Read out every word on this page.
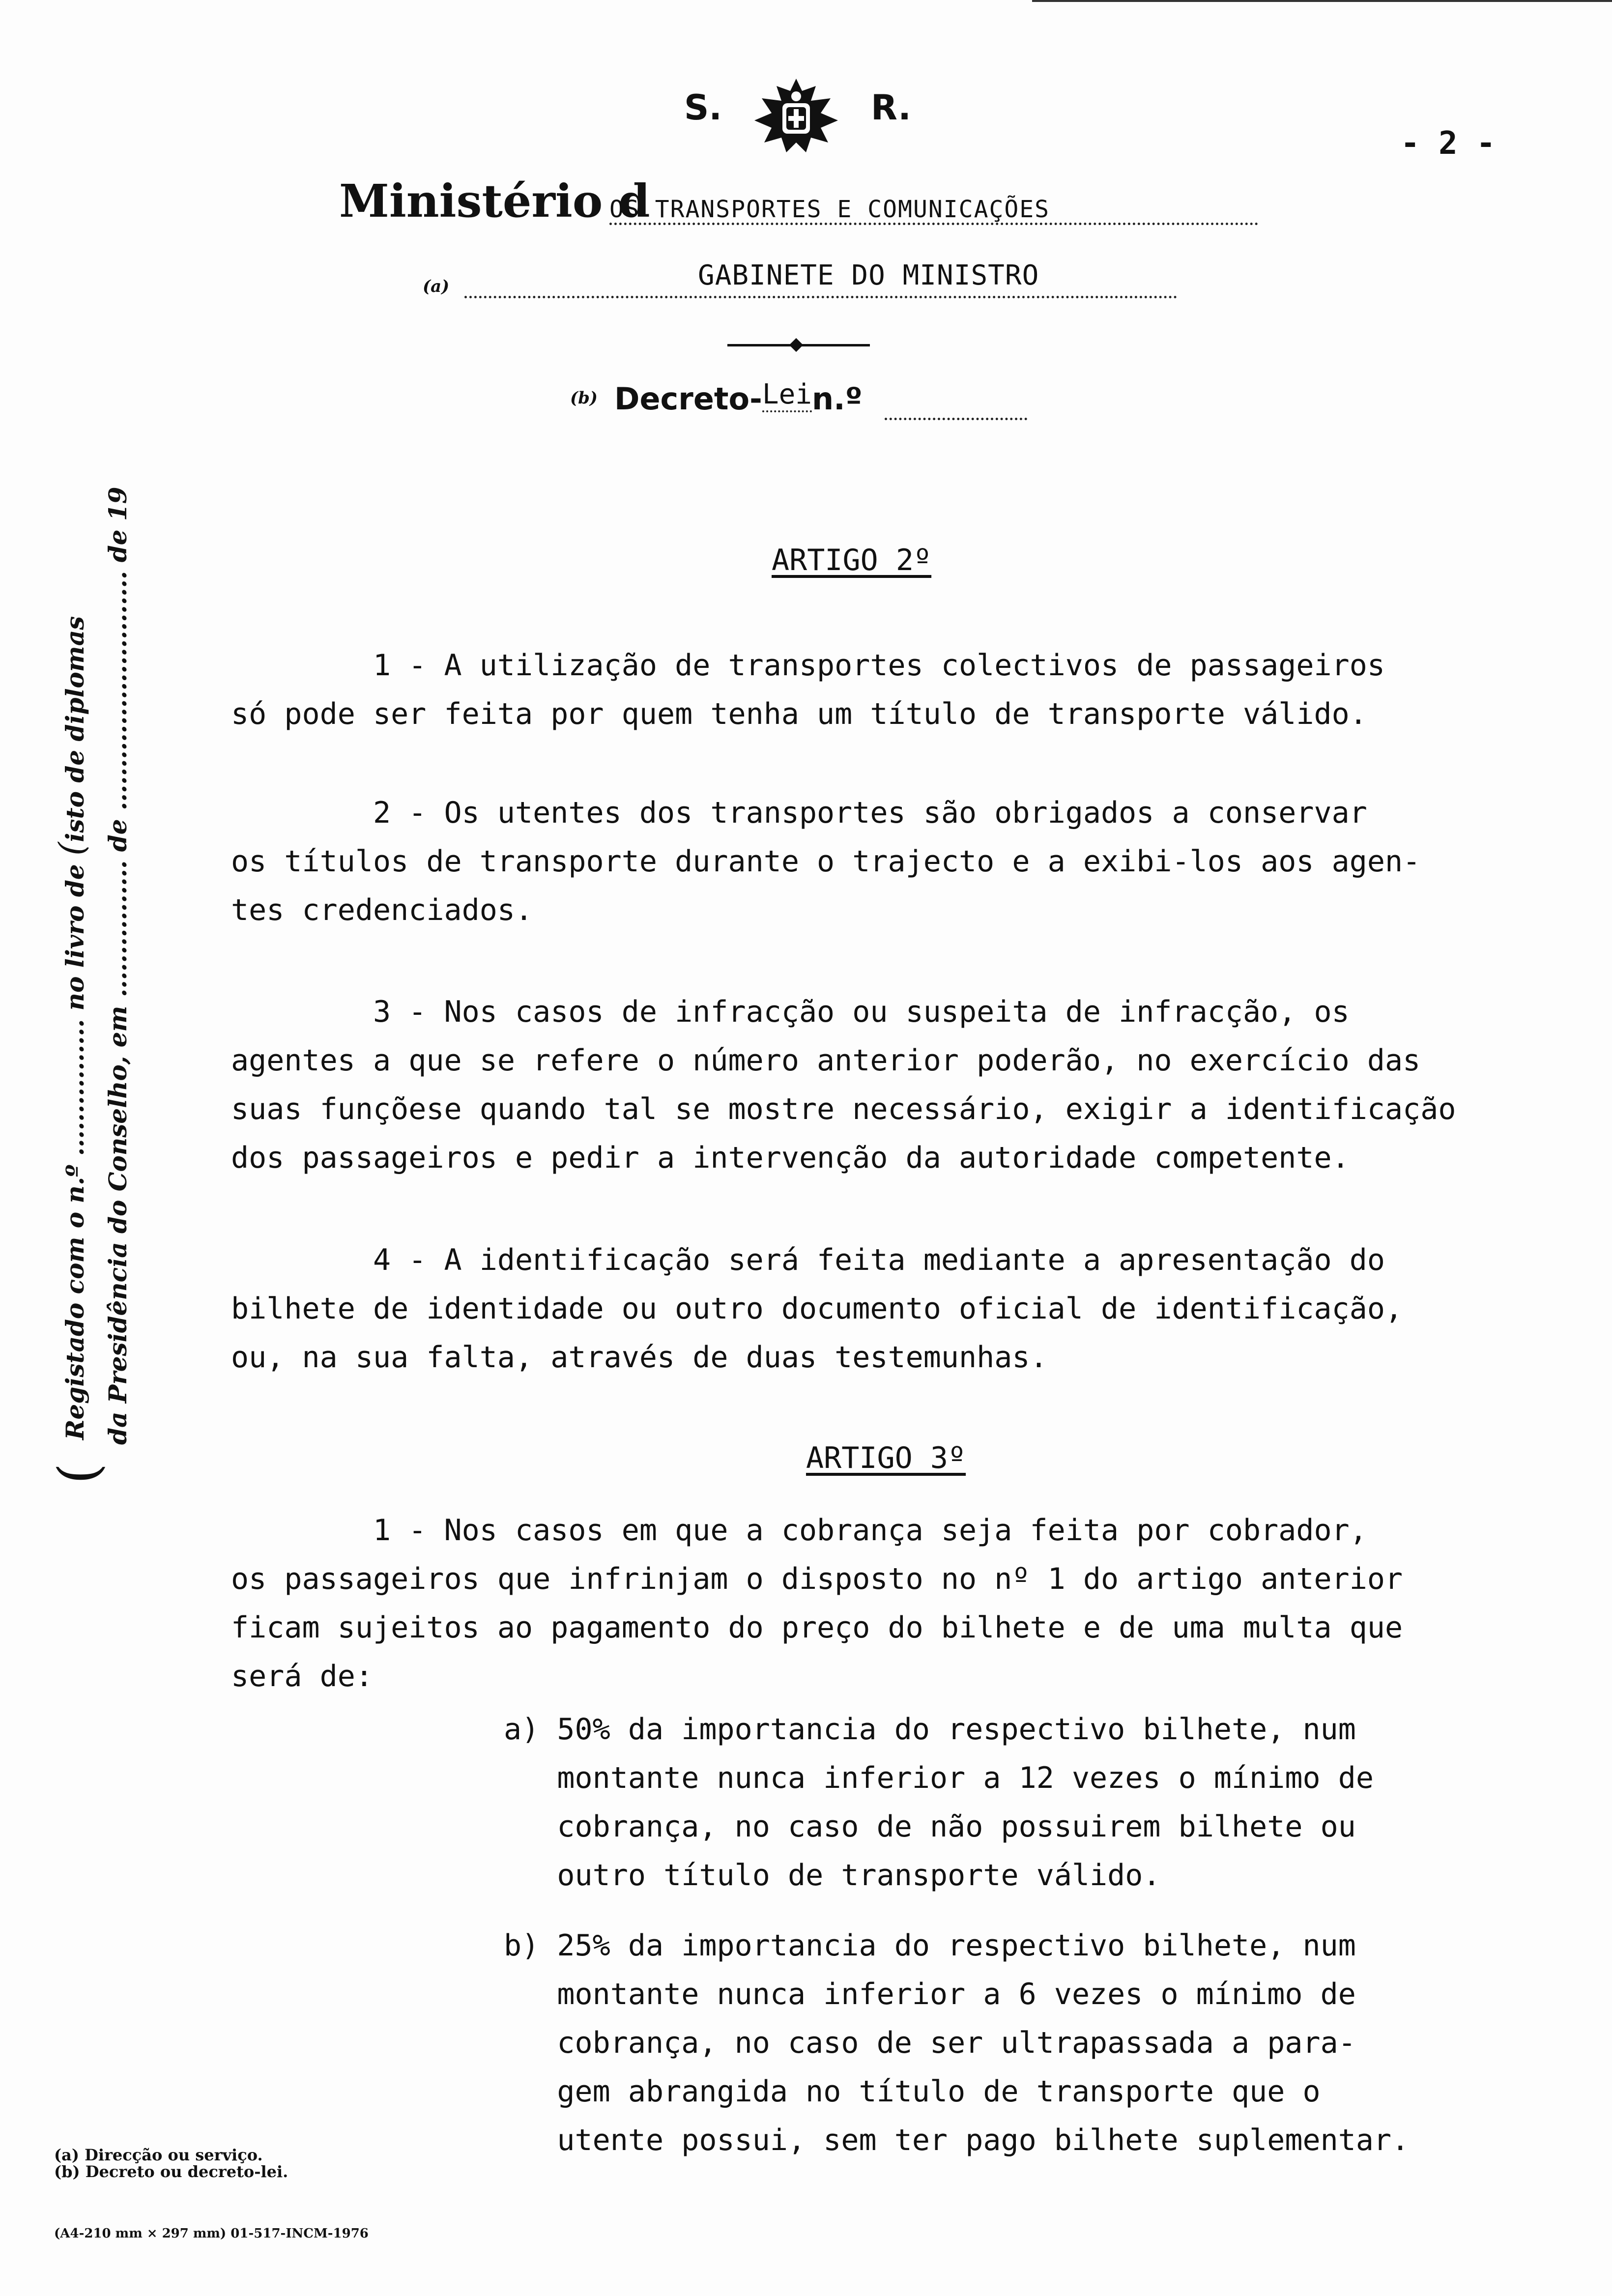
S.	R.
- 2 -
Ministério d
OS TRANSPORTES E COMUNICAÇÕES
(a)	GABINETE DO MINISTRO
(b) Decreto-Lein.º
ARTIGO 2º
1 - A utilização de transportes colectivos de passageiros
só pode ser feita por quem tenha um título de transporte válido.
2 - Os utentes dos transportes são obrigados a conservar
os títulos de transporte durante o trajecto e a exibi-los aos agen-
tes credenciados.
3 - Nos casos de infracção ou suspeita de infracção, os
agentes a que se refere o número anterior poderão, no exercício das
suas funçõese quando tal se mostre necessário, exigir a identificação
dos passageiros e pedir a intervenção da autoridade competente.
4 - A identificação será feita mediante a apresentação do
bilhete de identidade ou outro documento oficial de identificação,
ou, na sua falta, através de duas testemunhas.
ARTIGO 3º
1 - Nos casos em que a cobrança seja feita por cobrador,
os passageiros que infrinjam o disposto no nº 1 do artigo anterior
ficam sujeitos ao pagamento do preço do bilhete e de uma multa que
será de:
a) 50% da importancia do respectivo bilhete, num
montante nunca inferior a 12 vezes o mínimo de
cobrança, no caso de não possuirem bilhete ou
outro título de transporte válido.
b) 25% da importancia do respectivo bilhete, num
montante nunca inferior a 6 vezes o mínimo de
cobrança, no caso de ser ultrapassada a para-
gem abrangida no título de transporte que o
utente possui, sem ter pago bilhete suplementar.
(
Registado com o n.º ................ no livro de (isto de diplomas da Presidência do Conselho, em ................ de ............................ de 19
(a) Direcção ou serviço.
(b) Decreto ou decreto-lei.
(A4-210 mm × 297 mm) 01-517-INCM-1976
